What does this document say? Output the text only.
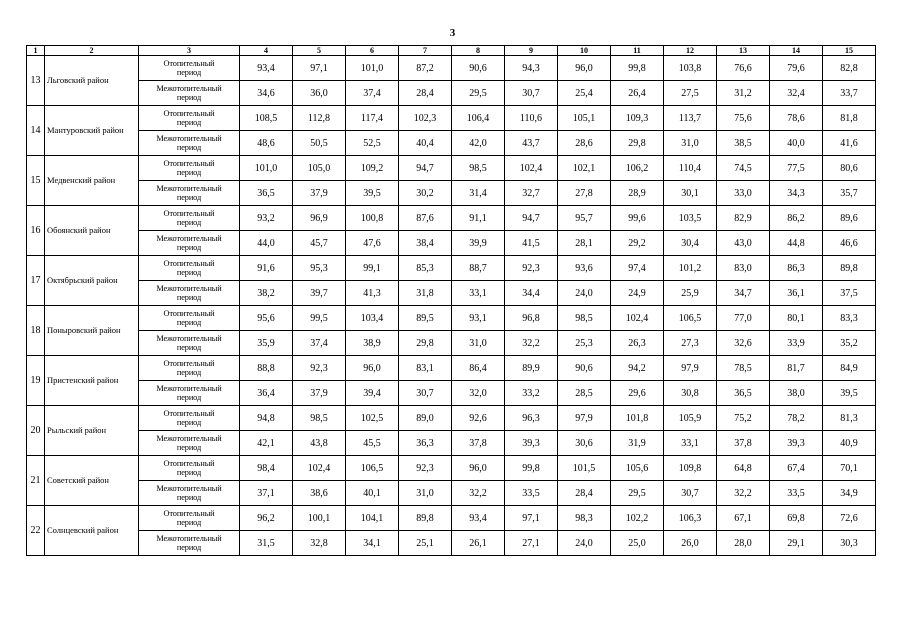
3
1	2	3	4	5	6	7	8	9	10	11	12	13	14	15
13	Льговский район	Отопительный
период	93,4	97,1	101,0	87,2	90,6	94,3	96,0	99,8	103,8	76,6	79,6	82,8

		Межотопительный
период	34,6	36,0	37,4	28,4	29,5	30,7	25,4	26,4	27,5	31,2	32,4	33,7
14	Мантуровский район	Отопительный
период	108,5	112,8	117,4	102,3	106,4	110,6	105,1	109,3	113,7	75,6	78,6	81,8

		Межотопительный
период	48,6	50,5	52,5	40,4	42,0	43,7	28,6	29,8	31,0	38,5	40,0	41,6
15	Медвенский район	Отопительный
период	101,0	105,0	109,2	94,7	98,5	102,4	102,1	106,2	110,4	74,5	77,5	80,6

		Межотопительный
период	36,5	37,9	39,5	30,2	31,4	32,7	27,8	28,9	30,1	33,0	34,3	35,7
16	Обоянский район	Отопительный
период	93,2	96,9	100,8	87,6	91,1	94,7	95,7	99,6	103,5	82,9	86,2	89,6

		Межотопительный
период	44,0	45,7	47,6	38,4	39,9	41,5	28,1	29,2	30,4	43,0	44,8	46,6
17	Октябрьский район	Отопительный
период	91,6	95,3	99,1	85,3	88,7	92,3	93,6	97,4	101,2	83,0	86,3	89,8

		Межотопительный
период	38,2	39,7	41,3	31,8	33,1	34,4	24,0	24,9	25,9	34,7	36,1	37,5
18	Поныровский район	Отопительный
период	95,6	99,5	103,4	89,5	93,1	96,8	98,5	102,4	106,5	77,0	80,1	83,3

		Межотопительный
период	35,9	37,4	38,9	29,8	31,0	32,2	25,3	26,3	27,3	32,6	33,9	35,2
19	Пристенский район	Отопительный
период	88,8	92,3	96,0	83,1	86,4	89,9	90,6	94,2	97,9	78,5	81,7	84,9

		Межотопительный
период	36,4	37,9	39,4	30,7	32,0	33,2	28,5	29,6	30,8	36,5	38,0	39,5
20	Рыльский район	Отопительный
период	94,8	98,5	102,5	89,0	92,6	96,3	97,9	101,8	105,9	75,2	78,2	81,3

		Межотопительный
период	42,1	43,8	45,5	36,3	37,8	39,3	30,6	31,9	33,1	37,8	39,3	40,9
21	Советский район	Отопительный
период	98,4	102,4	106,5	92,3	96,0	99,8	101,5	105,6	109,8	64,8	67,4	70,1

		Межотопительный
период	37,1	38,6	40,1	31,0	32,2	33,5	28,4	29,5	30,7	32,2	33,5	34,9
22	Солнцевский район	Отопительный
период	96,2	100,1	104,1	89,8	93,4	97,1	98,3	102,2	106,3	67,1	69,8	72,6

		Межотопительный
период	31,5	32,8	34,1	25,1	26,1	27,1	24,0	25,0	26,0	28,0	29,1	30,3
